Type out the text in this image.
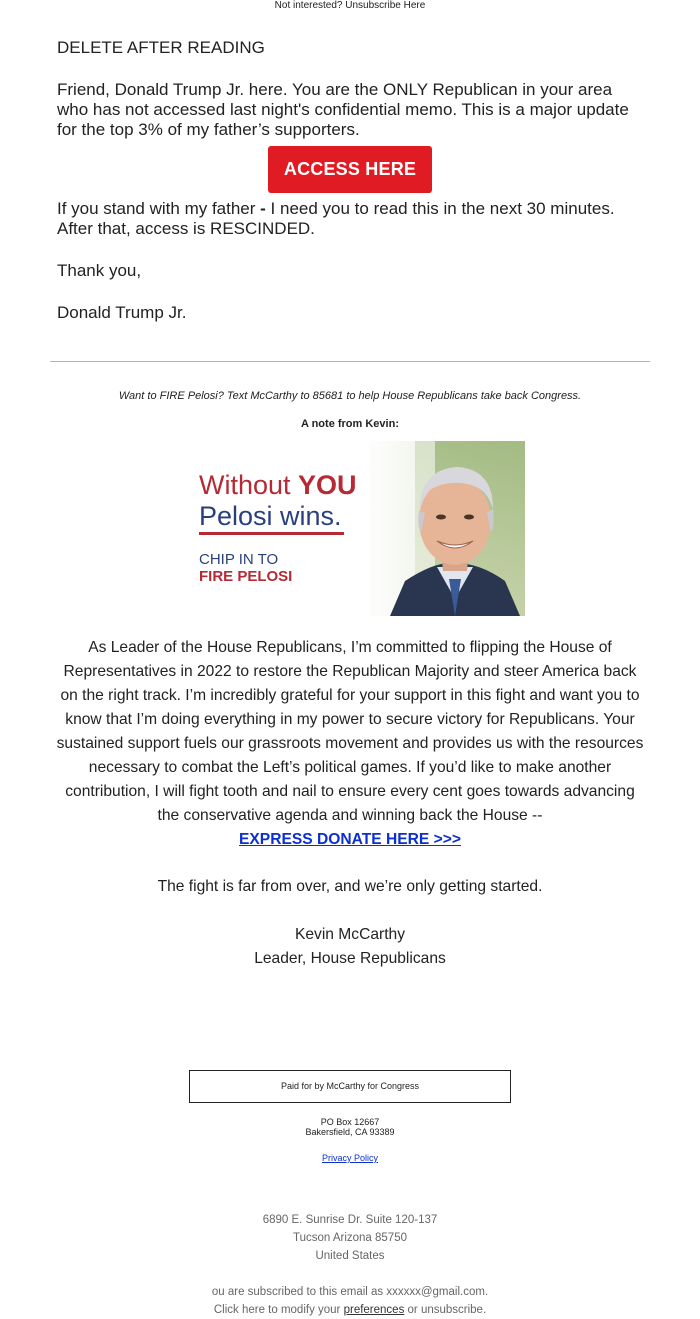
Not interested? Unsubscribe Here
DELETE AFTER READING
Friend, Donald Trump Jr. here. You are the ONLY Republican in your area who has not accessed last night's confidential memo. This is a major update for the top 3% of my father’s supporters.
ACCESS HERE
If you stand with my father - I need you to read this in the next 30 minutes. After that, access is RESCINDED.
Thank you,
Donald Trump Jr.
Want to FIRE Pelosi? Text McCarthy to 85681 to help House Republicans take back Congress.
A note from Kevin:
Without YOU
Pelosi wins.
CHIP IN TO
FIRE PELOSI
As Leader of the House Republicans, I’m committed to flipping the House of Representatives in 2022 to restore the Republican Majority and steer America back on the right track. I’m incredibly grateful for your support in this fight and want you to know that I’m doing everything in my power to secure victory for Republicans. Your sustained support fuels our grassroots movement and provides us with the resources necessary to combat the Left’s political games. If you’d like to make another contribution, I will fight tooth and nail to ensure every cent goes towards advancing the conservative agenda and winning back the House --
EXPRESS DONATE HERE >>>
The fight is far from over, and we’re only getting started.
Kevin McCarthy
Leader, House Republicans
Paid for by McCarthy for Congress
PO Box 12667
Bakersfield, CA 93389
Privacy Policy
6890 E. Sunrise Dr. Suite 120-137
Tucson Arizona 85750
United States
ou are subscribed to this email as xxxxxx@gmail.com.
Click here to modify your preferences or unsubscribe.
